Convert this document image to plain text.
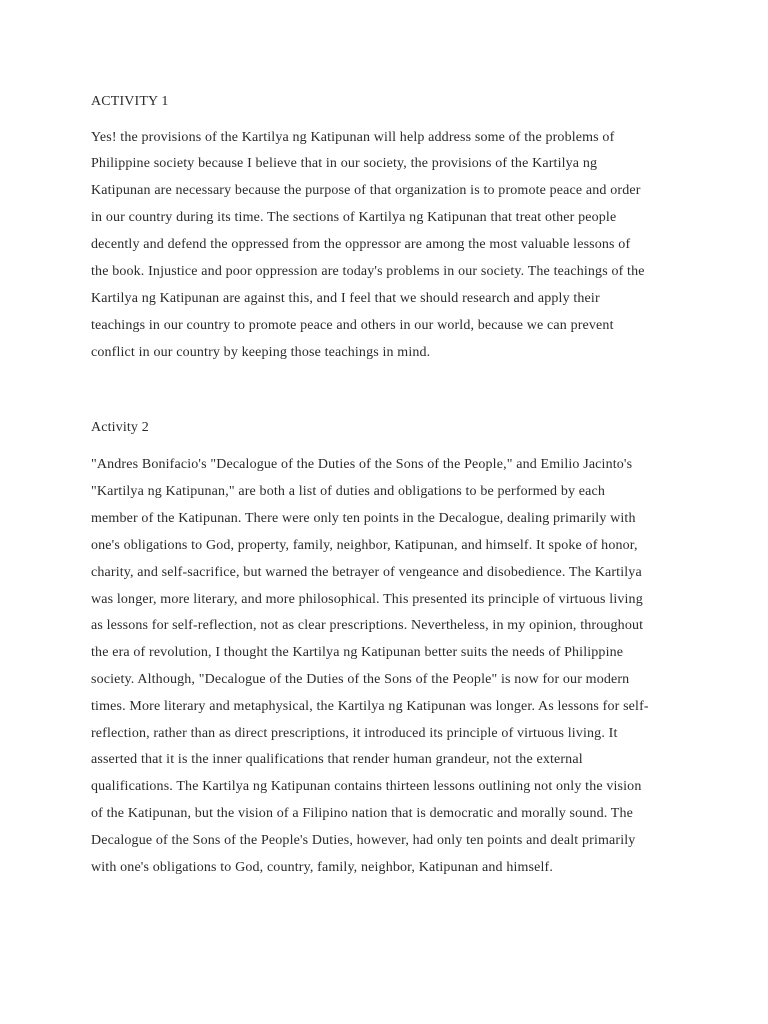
ACTIVITY 1

Yes! the provisions of the Kartilya ng Katipunan will help address some of the problems of

Philippine society because I believe that in our society, the provisions of the Kartilya ng

Katipunan are necessary because the purpose of that organization is to promote peace and order

in our country during its time. The sections of Kartilya ng Katipunan that treat other people

decently and defend the oppressed from the oppressor are among the most valuable lessons of

the book. Injustice and poor oppression are today's problems in our society. The teachings of the

Kartilya ng Katipunan are against this, and I feel that we should research and apply their

teachings in our country to promote peace and others in our world, because we can prevent

conflict in our country by keeping those teachings in mind.

Activity 2

"Andres Bonifacio's "Decalogue of the Duties of the Sons of the People," and Emilio Jacinto's

"Kartilya ng Katipunan," are both a list of duties and obligations to be performed by each

member of the Katipunan. There were only ten points in the Decalogue, dealing primarily with

one's obligations to God, property, family, neighbor, Katipunan, and himself. It spoke of honor,

charity, and self-sacrifice, but warned the betrayer of vengeance and disobedience. The Kartilya

was longer, more literary, and more philosophical. This presented its principle of virtuous living

as lessons for self-reflection, not as clear prescriptions. Nevertheless, in my opinion, throughout

the era of revolution, I thought the Kartilya ng Katipunan better suits the needs of Philippine

society. Although, "Decalogue of the Duties of the Sons of the People" is now for our modern

times. More literary and metaphysical, the Kartilya ng Katipunan was longer. As lessons for self-

reflection, rather than as direct prescriptions, it introduced its principle of virtuous living. It

asserted that it is the inner qualifications that render human grandeur, not the external

qualifications. The Kartilya ng Katipunan contains thirteen lessons outlining not only the vision

of the Katipunan, but the vision of a Filipino nation that is democratic and morally sound. The

Decalogue of the Sons of the People's Duties, however, had only ten points and dealt primarily

with one's obligations to God, country, family, neighbor, Katipunan and himself.
